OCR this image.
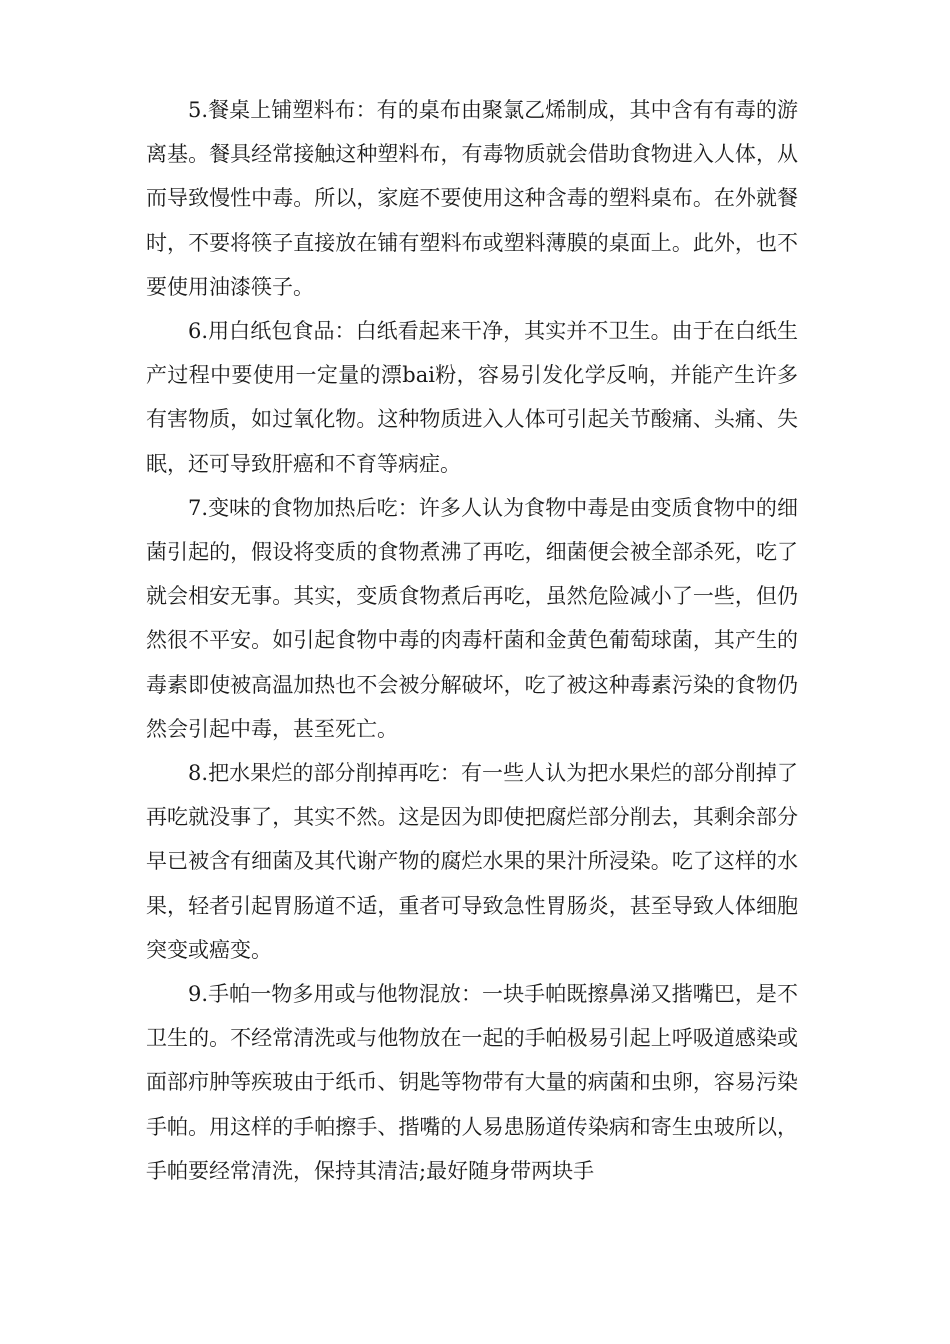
5.餐桌上铺塑料布：有的桌布由聚氯乙烯制成，其中含有有毒的游离基。餐具经常接触这种塑料布，有毒物质就会借助食物进入人体，从而导致慢性中毒。所以，家庭不要使用这种含毒的塑料桌布。在外就餐时，不要将筷子直接放在铺有塑料布或塑料薄膜的桌面上。此外，也不要使用油漆筷子。

6.用白纸包食品：白纸看起来干净，其实并不卫生。由于在白纸生产过程中要使用一定量的漂bai粉，容易引发化学反响，并能产生许多有害物质，如过氧化物。这种物质进入人体可引起关节酸痛、头痛、失眠，还可导致肝癌和不育等病症。

7.变味的食物加热后吃：许多人认为食物中毒是由变质食物中的细菌引起的，假设将变质的食物煮沸了再吃，细菌便会被全部杀死，吃了就会相安无事。其实，变质食物煮后再吃，虽然危险减小了一些，但仍然很不平安。如引起食物中毒的肉毒杆菌和金黄色葡萄球菌，其产生的毒素即使被高温加热也不会被分解破坏，吃了被这种毒素污染的食物仍然会引起中毒，甚至死亡。

8.把水果烂的部分削掉再吃：有一些人认为把水果烂的部分削掉了再吃就没事了，其实不然。这是因为即使把腐烂部分削去，其剩余部分早已被含有细菌及其代谢产物的腐烂水果的果汁所浸染。吃了这样的水果，轻者引起胃肠道不适，重者可导致急性胃肠炎，甚至导致人体细胞突变或癌变。

9.手帕一物多用或与他物混放：一块手帕既擦鼻涕又揩嘴巴，是不卫生的。不经常清洗或与他物放在一起的手帕极易引起上呼吸道感染或面部疖肿等疾玻由于纸币、钥匙等物带有大量的病菌和虫卵，容易污染手帕。用这样的手帕擦手、揩嘴的人易患肠道传染病和寄生虫玻所以，手帕要经常清洗，保持其清洁;最好随身带两块手
